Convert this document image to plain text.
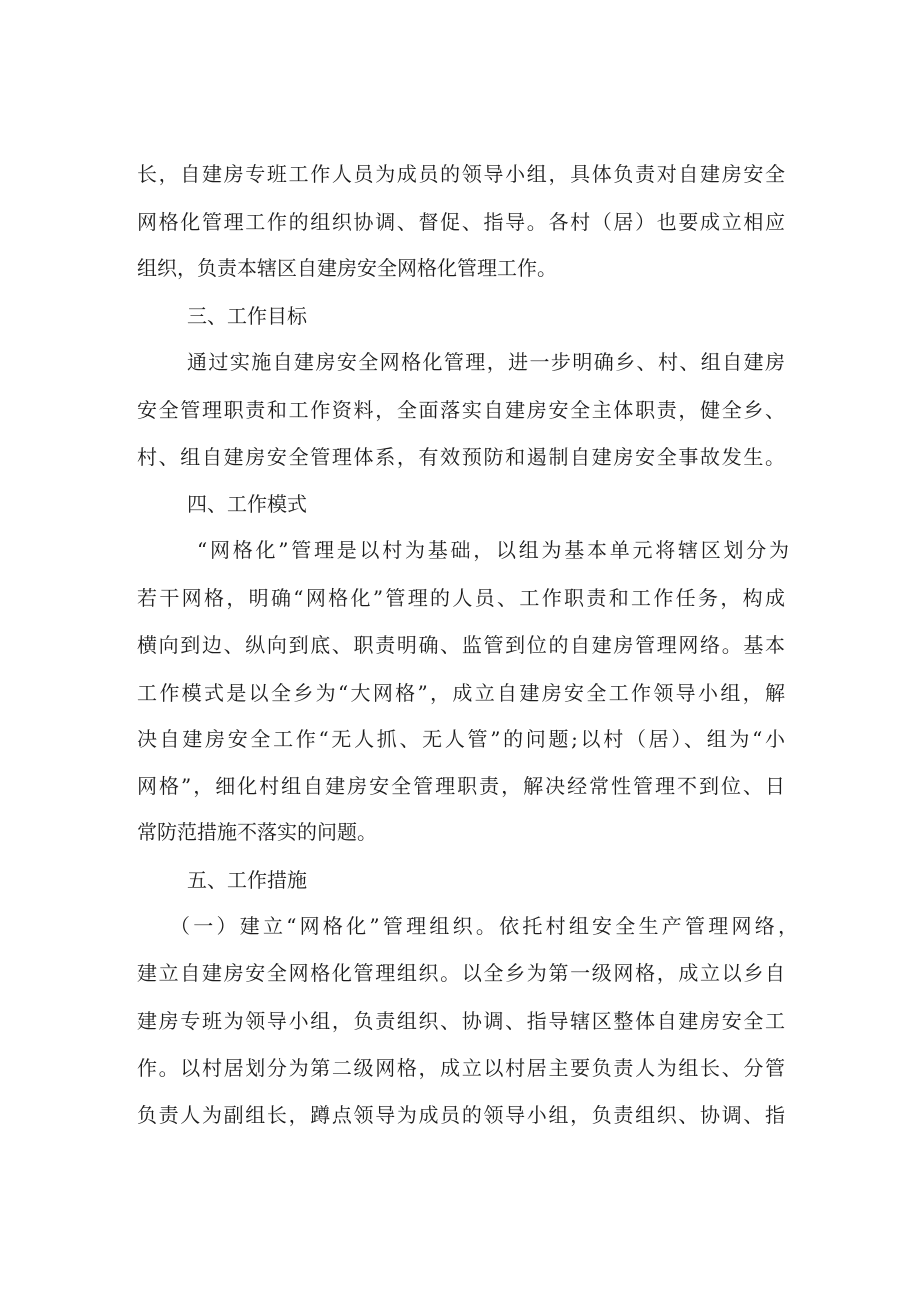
长，自建房专班工作人员为成员的领导小组，具体负责对自建房安全
网格化管理工作的组织协调、督促、指导。各村（居）也要成立相应
组织，负责本辖区自建房安全网格化管理工作。
三、工作目标
通过实施自建房安全网格化管理，进一步明确乡、村、组自建房
安全管理职责和工作资料，全面落实自建房安全主体职责，健全乡、
村、组自建房安全管理体系，有效预防和遏制自建房安全事故发生。
四、工作模式
“网格化”管理是以村为基础，以组为基本单元将辖区划分为
若干网格，明确“网格化”管理的人员、工作职责和工作任务，构成
横向到边、纵向到底、职责明确、监管到位的自建房管理网络。基本
工作模式是以全乡为“大网格”，成立自建房安全工作领导小组，解
决自建房安全工作“无人抓、无人管”的问题;以村（居）、组为“小
网格”，细化村组自建房安全管理职责，解决经常性管理不到位、日
常防范措施不落实的问题。
五、工作措施
（一）建立“网格化”管理组织。依托村组安全生产管理网络，
建立自建房安全网格化管理组织。以全乡为第一级网格，成立以乡自
建房专班为领导小组，负责组织、协调、指导辖区整体自建房安全工
作。以村居划分为第二级网格，成立以村居主要负责人为组长、分管
负责人为副组长，蹲点领导为成员的领导小组，负责组织、协调、指
